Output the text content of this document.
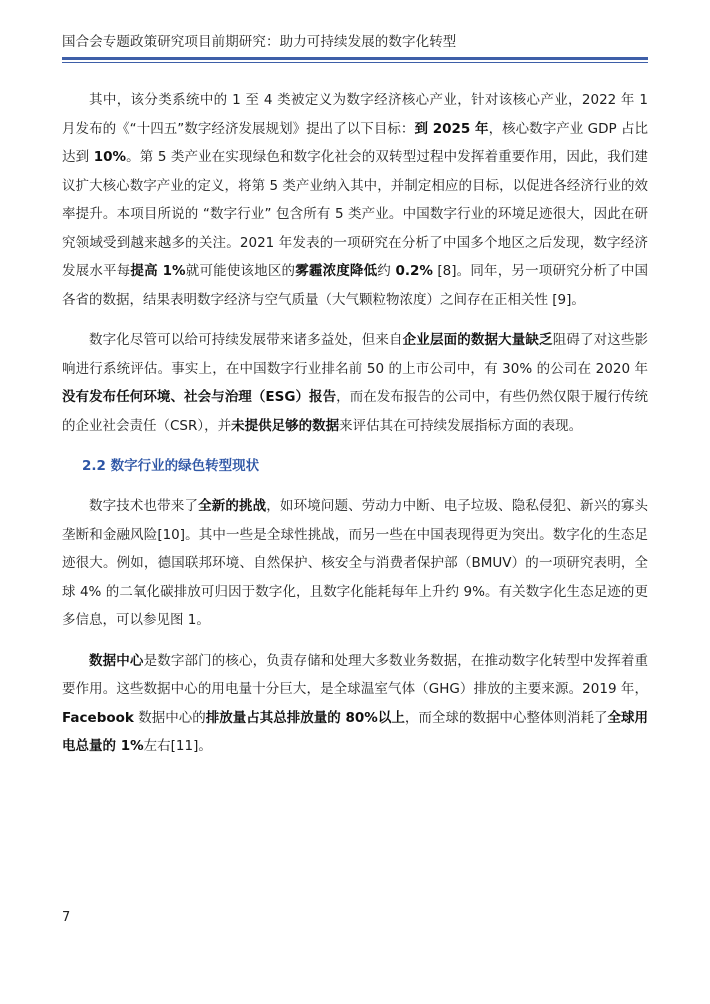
国合会专题政策研究项目前期研究：助力可持续发展的数字化转型

其中，该分类系统中的 1 至 4 类被定义为数字经济核心产业，针对该核心产业，2022 年 1 月发布的《“十四五”数字经济发展规划》提出了以下目标：到 2025 年，核心数字产业 GDP 占比达到 10%。第 5 类产业在实现绿色和数字化社会的双转型过程中发挥着重要作用，因此，我们建议扩大核心数字产业的定义，将第 5 类产业纳入其中，并制定相应的目标，以促进各经济行业的效率提升。本项目所说的 “数字行业” 包含所有 5 类产业。中国数字行业的环境足迹很大，因此在研究领域受到越来越多的关注。2021 年发表的一项研究在分析了中国多个地区之后发现，数字经济发展水平每提高 1%就可能使该地区的雾霾浓度降低约 0.2% [8]。同年，另一项研究分析了中国各省的数据，结果表明数字经济与空气质量（大气颗粒物浓度）之间存在正相关性 [9]。

数字化尽管可以给可持续发展带来诸多益处，但来自企业层面的数据大量缺乏阻碍了对这些影响进行系统评估。事实上，在中国数字行业排名前 50 的上市公司中，有 30% 的公司在 2020 年没有发布任何环境、社会与治理（ESG）报告，而在发布报告的公司中，有些仍然仅限于履行传统的企业社会责任（CSR），并未提供足够的数据来评估其在可持续发展指标方面的表现。

2.2 数字行业的绿色转型现状

数字技术也带来了全新的挑战，如环境问题、劳动力中断、电子垃圾、隐私侵犯、新兴的寡头垄断和金融风险[10]。其中一些是全球性挑战，而另一些在中国表现得更为突出。数字化的生态足迹很大。例如，德国联邦环境、自然保护、核安全与消费者保护部（BMUV）的一项研究表明，全球 4% 的二氧化碳排放可归因于数字化，且数字化能耗每年上升约 9%。有关数字化生态足迹的更多信息，可以参见图 1。

数据中心是数字部门的核心，负责存储和处理大多数业务数据，在推动数字化转型中发挥着重要作用。这些数据中心的用电量十分巨大，是全球温室气体（GHG）排放的主要来源。2019 年，Facebook 数据中心的排放量占其总排放量的 80%以上，而全球的数据中心整体则消耗了全球用电总量的 1%左右[11]。

7
